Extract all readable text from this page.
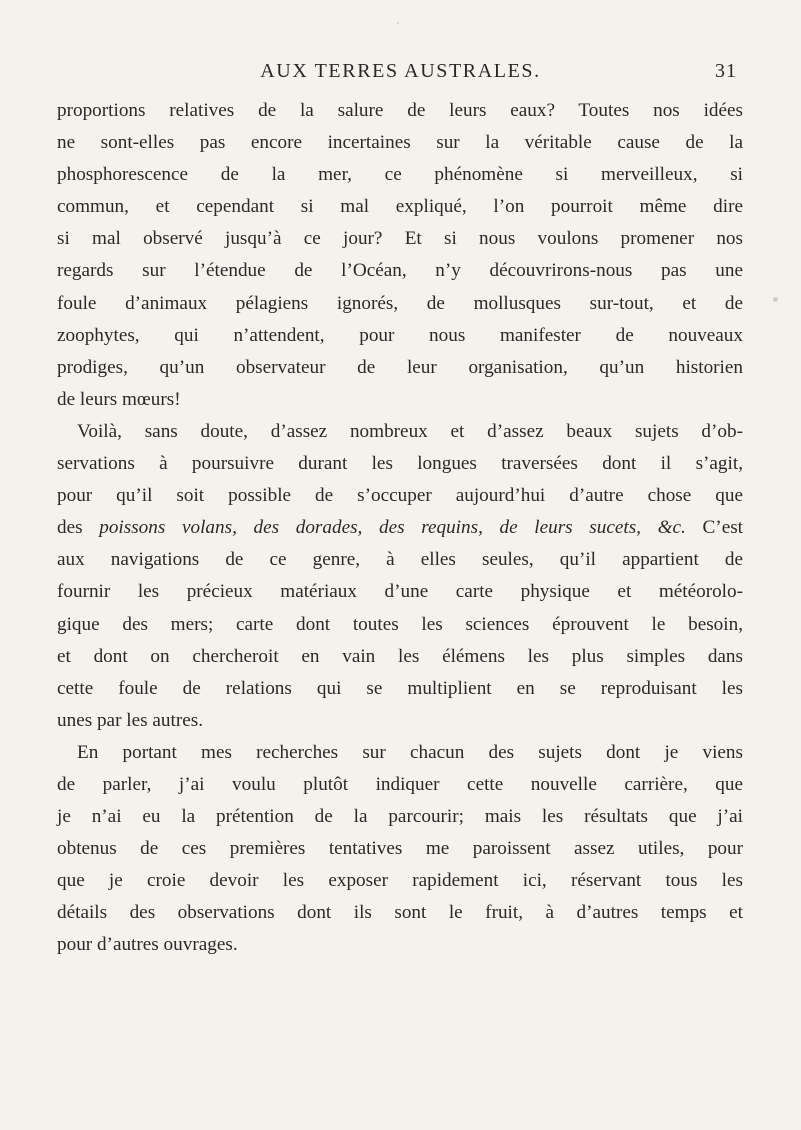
AUX TERRES AUSTRALES.	31
proportions relatives de la salure de leurs eaux? Toutes nos idées
ne sont-elles pas encore incertaines sur la véritable cause de la
phosphorescence de la mer, ce phénomène si merveilleux, si
commun, et cependant si mal expliqué, l’on pourroit même dire
si mal observé jusqu’à ce jour? Et si nous voulons promener nos
regards sur l’étendue de l’Océan, n’y découvrirons-nous pas une
foule d’animaux pélagiens ignorés, de mollusques sur-tout, et de
zoophytes, qui n’attendent, pour nous manifester de nouveaux
prodiges, qu’un observateur de leur organisation, qu’un historien
de leurs mœurs!
Voilà, sans doute, d’assez nombreux et d’assez beaux sujets d’ob-
servations à poursuivre durant les longues traversées dont il s’agit,
pour qu’il soit possible de s’occuper aujourd’hui d’autre chose que
des poissons volans, des dorades, des requins, de leurs sucets, &c. C’est
aux navigations de ce genre, à elles seules, qu’il appartient de
fournir les précieux matériaux d’une carte physique et météorolo-
gique des mers; carte dont toutes les sciences éprouvent le besoin,
et dont on chercheroit en vain les élémens les plus simples dans
cette foule de relations qui se multiplient en se reproduisant les
unes par les autres.
En portant mes recherches sur chacun des sujets dont je viens
de parler, j’ai voulu plutôt indiquer cette nouvelle carrière, que
je n’ai eu la prétention de la parcourir; mais les résultats que j’ai
obtenus de ces premières tentatives me paroissent assez utiles, pour
que je croie devoir les exposer rapidement ici, réservant tous les
détails des observations dont ils sont le fruit, à d’autres temps et
pour d’autres ouvrages.
